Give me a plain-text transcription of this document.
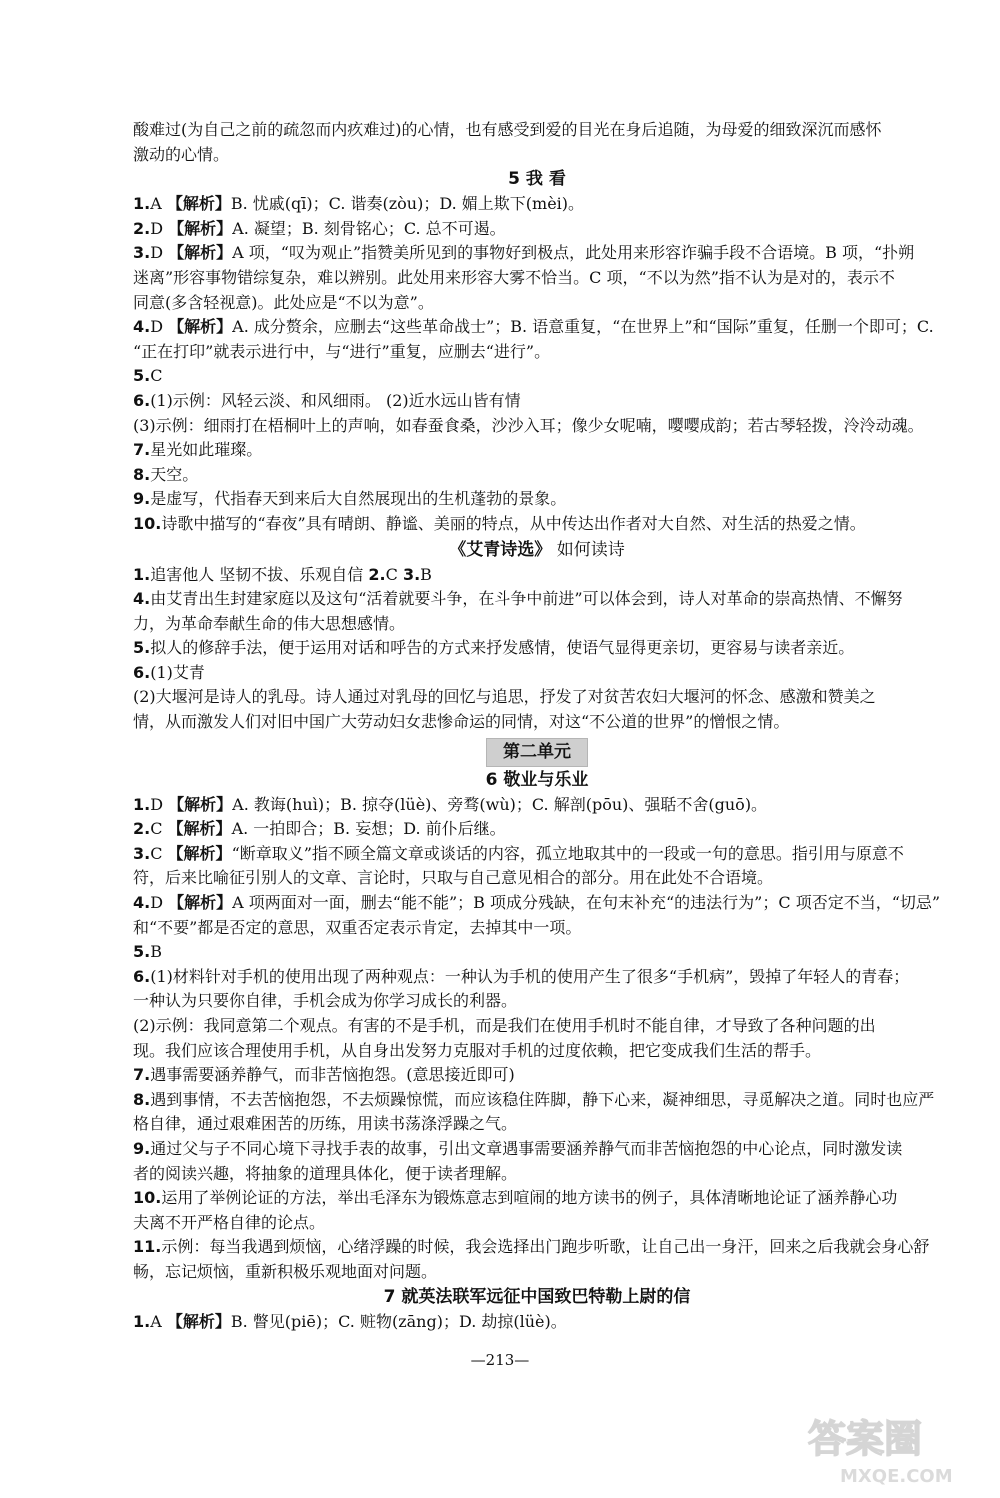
酸难过(为自己之前的疏忽而内疚难过)的心情，也有感受到爱的目光在身后追随，为母爱的细致深沉而感怀

激动的心情。

5 我 看

1.A 【解析】B. 忧戚(qī)；C. 谐奏(zòu)；D. 媚上欺下(mèi)。

2.D 【解析】A. 凝望；B. 刻骨铭心；C. 总不可遏。

3.D 【解析】A 项，“叹为观止”指赞美所见到的事物好到极点，此处用来形容诈骗手段不合语境。B 项，“扑朔

迷离”形容事物错综复杂，难以辨别。此处用来形容大雾不恰当。C 项，“不以为然”指不认为是对的，表示不

同意(多含轻视意)。此处应是“不以为意”。

4.D 【解析】A. 成分赘余，应删去“这些革命战士”；B. 语意重复，“在世界上”和“国际”重复，任删一个即可；C.

“正在打印”就表示进行中，与“进行”重复，应删去“进行”。

5.C

6.(1)示例：风轻云淡、和风细雨。 (2)近水远山皆有情

(3)示例：细雨打在梧桐叶上的声响，如春蚕食桑，沙沙入耳；像少女呢喃，嘤嘤成韵；若古琴轻拨，泠泠动魂。

7.星光如此璀璨。

8.天空。

9.是虚写，代指春天到来后大自然展现出的生机蓬勃的景象。

10.诗歌中描写的“春夜”具有晴朗、静谧、美丽的特点，从中传达出作者对大自然、对生活的热爱之情。

《艾青诗选》 如何读诗

1.追害他人 坚韧不拔、乐观自信 2.C 3.B

4.由艾青出生封建家庭以及这句“活着就要斗争，在斗争中前进”可以体会到，诗人对革命的崇高热情、不懈努

力，为革命奉献生命的伟大思想感情。

5.拟人的修辞手法，便于运用对话和呼告的方式来抒发感情，使语气显得更亲切，更容易与读者亲近。

6.(1)艾青

(2)大堰河是诗人的乳母。诗人通过对乳母的回忆与追思，抒发了对贫苦农妇大堰河的怀念、感激和赞美之

情，从而激发人们对旧中国广大劳动妇女悲惨命运的同情，对这“不公道的世界”的憎恨之情。

第二单元

6 敬业与乐业

1.D 【解析】A. 教诲(huì)；B. 掠夺(lüè)、旁骛(wù)；C. 解剖(pōu)、强聒不舍(guō)。

2.C 【解析】A. 一拍即合；B. 妄想；D. 前仆后继。

3.C 【解析】“断章取义”指不顾全篇文章或谈话的内容，孤立地取其中的一段或一句的意思。指引用与原意不

符，后来比喻征引别人的文章、言论时，只取与自己意见相合的部分。用在此处不合语境。

4.D 【解析】A 项两面对一面，删去“能不能”；B 项成分残缺，在句末补充“的违法行为”；C 项否定不当，“切忌”

和“不要”都是否定的意思，双重否定表示肯定，去掉其中一项。

5.B

6.(1)材料针对手机的使用出现了两种观点：一种认为手机的使用产生了很多“手机病”，毁掉了年轻人的青春；

一种认为只要你自律，手机会成为你学习成长的利器。

(2)示例：我同意第二个观点。有害的不是手机，而是我们在使用手机时不能自律，才导致了各种问题的出

现。我们应该合理使用手机，从自身出发努力克服对手机的过度依赖，把它变成我们生活的帮手。

7.遇事需要涵养静气，而非苦恼抱怨。(意思接近即可)

8.遇到事情，不去苦恼抱怨，不去烦躁惊慌，而应该稳住阵脚，静下心来，凝神细思，寻觅解决之道。同时也应严

格自律，通过艰难困苦的历练，用读书荡涤浮躁之气。

9.通过父与子不同心境下寻找手表的故事，引出文章遇事需要涵养静气而非苦恼抱怨的中心论点，同时激发读

者的阅读兴趣，将抽象的道理具体化，便于读者理解。

10.运用了举例论证的方法，举出毛泽东为锻炼意志到喧闹的地方读书的例子，具体清晰地论证了涵养静心功

夫离不开严格自律的论点。

11.示例：每当我遇到烦恼，心绪浮躁的时候，我会选择出门跑步听歌，让自己出一身汗，回来之后我就会身心舒

畅，忘记烦恼，重新积极乐观地面对问题。

7 就英法联军远征中国致巴特勒上尉的信

1.A 【解析】B. 瞥见(piē)；C. 赃物(zāng)；D. 劫掠(lüè)。

—213—
答案圈
MXQE.COM
